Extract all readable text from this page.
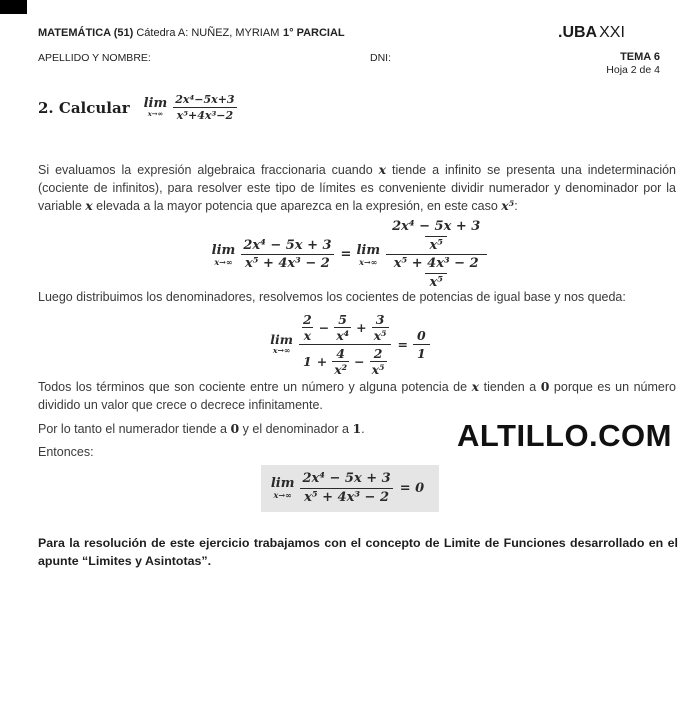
MATEMÁTICA (51) Cátedra A: NUÑEZ, MYRIAM 1° PARCIAL	.UBA XXI
APELLIDO Y NOMBRE:	DNI:	TEMA 6
Hoja 2 de 4
2. Calcular lim
$x\to\infty \frac{\text{2x⁴−5x+3}}{\text{x⁵+4x³−2}}$
Si evaluamos la expresión algebraica fraccionaria cuando x tiende a infinito se presenta una indeterminación (cociente de infinitos), para resolver este tipo de límites es conveniente dividir numerador y denominador por la variable x elevada a la mayor potencia que aparezca en la expresión, en este caso x⁵:
lim
$x\to\infty \frac{\text{2x⁴ − 5x + 3}}{\text{x⁵ + 4x³ − 2}} = \lim$
$x\to\infty \frac{\frac{\text{2x⁴ − 5x + 3}}{\text{x⁵}}}{\frac{\text{x⁵ + 4x³ − 2}}{\text{x⁵}}}$
Luego distribuimos los denominadores, resolvemos los cocientes de potencias de igual base y nos queda:
lim
$x\to\infty \frac{\frac{2}{x} - \frac{5}{\text{x⁴}} + \frac{3}{\text{x⁵}}}{1 + \frac{4}{\text{x²}} - \frac{2}{\text{x⁵}}} = \frac{0}{1}$
Todos los términos que son cociente entre un número y alguna potencia de x tienden a 0 porque es un número dividido un valor que crece o decrece infinitamente.
Por lo tanto el numerador tiende a 0 y el denominador a 1.	ALTILLO.COM
Entonces:
lim
$x\to\infty \frac{\text{2x⁴ − 5x + 3}}{\text{x⁵ + 4x³ − 2}} = 0$
Para la resolución de este ejercicio trabajamos con el concepto de Limite de Funciones desarrollado en el apunte “Limites y Asintotas”.
